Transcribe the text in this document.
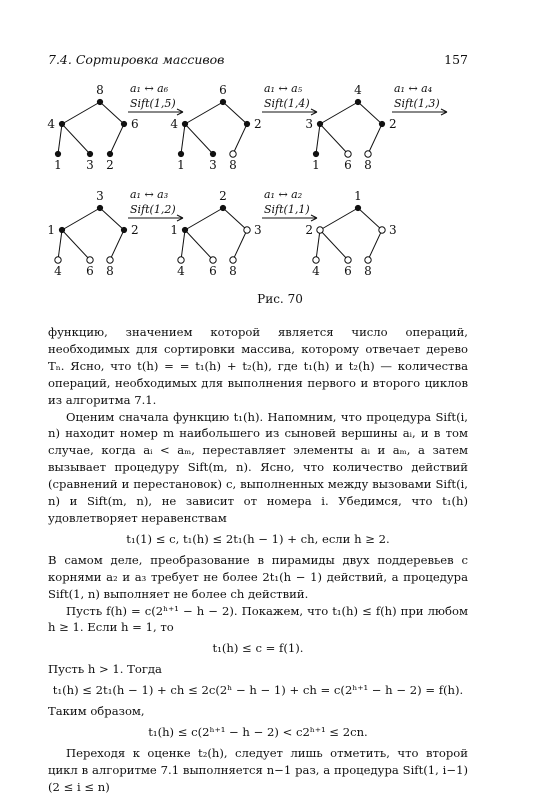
7.4. Сортировка массивов	157
8
4	6
1 3 2
6
4	2
1 3 8
4
3	2
1 6 8
3
1	2
4 6 8
2
1	3
4 6 8
1
2	3
4 6 8
a₁ ↔ a₆
Sift(1,5)
a₁ ↔ a₅
Sift(1,4)
a₁ ↔ a₄
Sift(1,3)
a₁ ↔ a₃
Sift(1,2)
a₁ ↔ a₂
Sift(1,1)
Рис. 70

функцию, значением которой является число операций, необходимых для сортировки массива, которому отвечает дерево Tₙ. Ясно, что t(h) = = t₁(h) + t₂(h), где t₁(h) и t₂(h) — количества операций, необходимых для выполнения первого и второго циклов из алгоритма 7.1.

Оценим сначала функцию t₁(h). Напомним, что процедура Sift(i, n) находит номер m наибольшего из сыновей вершины aᵢ, и в том случае, когда aᵢ < aₘ, переставляет элементы aᵢ и aₘ, а затем вызывает процедуру Sift(m, n). Ясно, что количество действий (сравнений и перестановок) c, выполненных между вызовами Sift(i, n) и Sift(m, n), не зависит от номера i. Убедимся, что t₁(h) удовлетворяет неравенствам

t₁(1) ≤ c, t₁(h) ≤ 2t₁(h − 1) + ch, если h ≥ 2.

В самом деле, преобразование в пирамиды двух поддеревьев с корнями a₂ и a₃ требует не более 2t₁(h − 1) действий, а процедура Sift(1, n) выполняет не более ch действий.

Пусть f(h) = c(2ʰ⁺¹ − h − 2). Покажем, что t₁(h) ≤ f(h) при любом h ≥ 1. Если h = 1, то

t₁(h) ≤ c = f(1).

Пусть h > 1. Тогда

t₁(h) ≤ 2t₁(h − 1) + ch ≤ 2c(2ʰ − h − 1) + ch = c(2ʰ⁺¹ − h − 2) = f(h).

Таким образом,

t₁(h) ≤ c(2ʰ⁺¹ − h − 2) < c2ʰ⁺¹ ≤ 2cn.

Переходя к оценке t₂(h), следует лишь отметить, что второй цикл в алгоритме 7.1 выполняется n−1 раз, а процедура Sift(1, i−1) (2 ≤ i ≤ n)
